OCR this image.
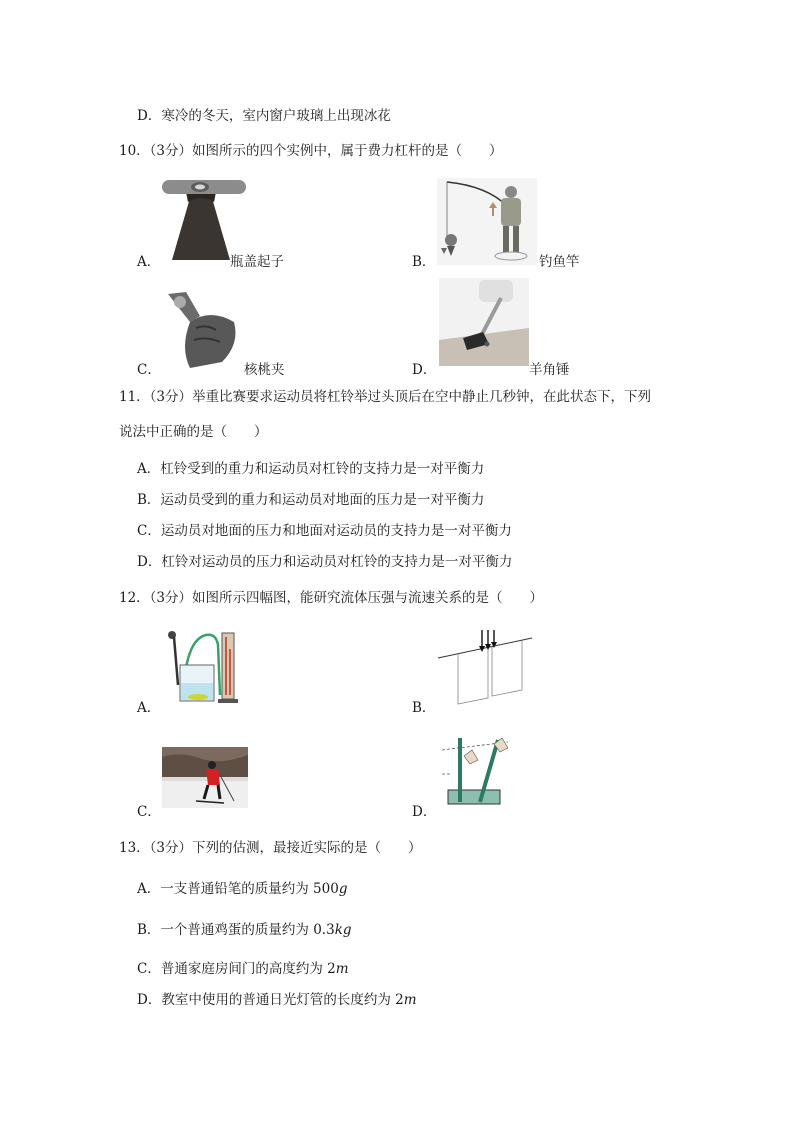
D．寒冷的冬天，室内窗户玻璃上出现冰花
10．（3分）如图所示的四个实例中，属于费力杠杆的是（　　）
A．	瓶盖起子	B．	钓鱼竿
C．	核桃夹	D．	羊角锤
11．（3分）举重比赛要求运动员将杠铃举过头顶后在空中静止几秒钟，在此状态下，下列
说法中正确的是（　　）
A．杠铃受到的重力和运动员对杠铃的支持力是一对平衡力
B．运动员受到的重力和运动员对地面的压力是一对平衡力
C．运动员对地面的压力和地面对运动员的支持力是一对平衡力
D．杠铃对运动员的压力和运动员对杠铃的支持力是一对平衡力
12．（3分）如图所示四幅图，能研究流体压强与流速关系的是（　　）
A．	B．
C．	D．
13．（3分）下列的估测，最接近实际的是（　　）
A．一支普通铅笔的质量约为 500g
B．一个普通鸡蛋的质量约为 0.3kg
C．普通家庭房间门的高度约为 2m
D．教室中使用的普通日光灯管的长度约为 2m
